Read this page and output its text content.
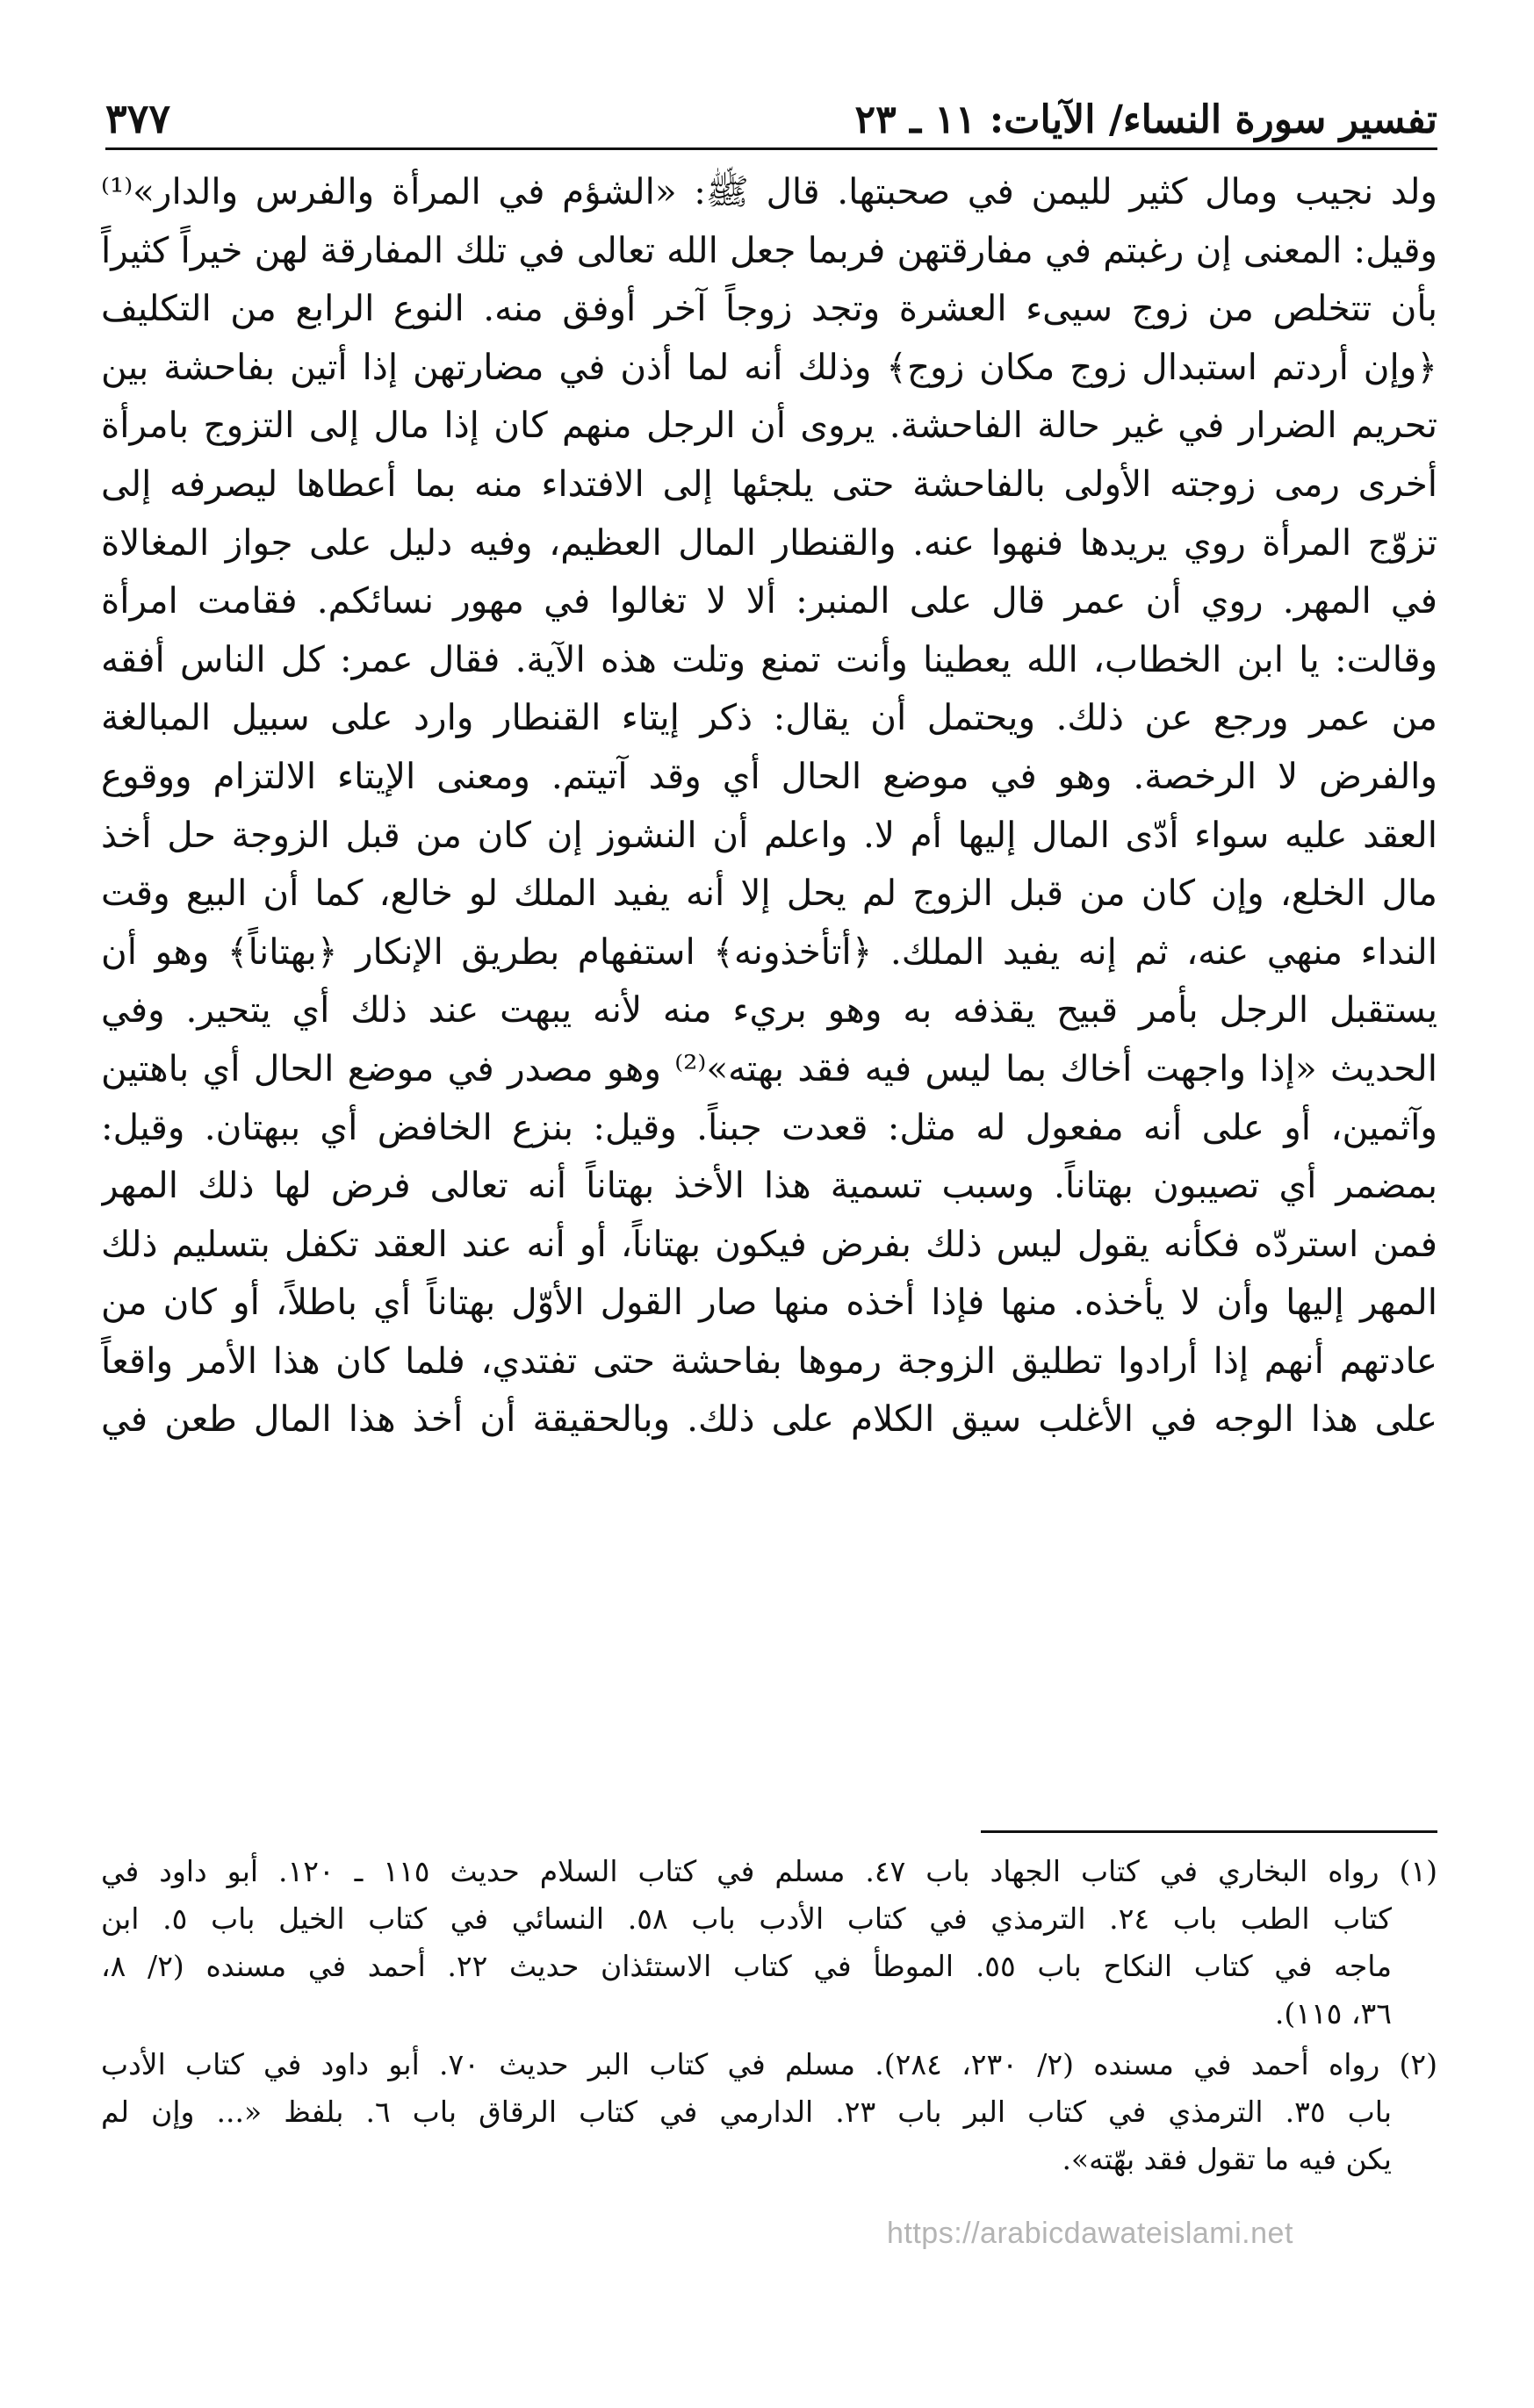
تفسير سورة النساء/ الآيات: ١١ ـ ٢٣
٣٧٧
ولد نجيب ومال كثير لليمن في صحبتها. قال ﷺ: «الشؤم في المرأة والفرس والدار»⁽¹⁾
وقيل: المعنى إن رغبتم في مفارقتهن فربما جعل الله تعالى في تلك المفارقة لهن خيراً كثيراً
بأن تتخلص من زوج سيىء العشرة وتجد زوجاً آخر أوفق منه. النوع الرابع من التكليف
﴿وإن أردتم استبدال زوج مكان زوج﴾ وذلك أنه لما أذن في مضارتهن إذا أتين بفاحشة بين
تحريم الضرار في غير حالة الفاحشة. يروى أن الرجل منهم كان إذا مال إلى التزوج بامرأة
أخرى رمى زوجته الأولى بالفاحشة حتى يلجئها إلى الافتداء منه بما أعطاها ليصرفه إلى
تزوّج المرأة روي يريدها فنهوا عنه. والقنطار المال العظيم، وفيه دليل على جواز المغالاة
في المهر. روي أن عمر قال على المنبر: ألا لا تغالوا في مهور نسائكم. فقامت امرأة
وقالت: يا ابن الخطاب، الله يعطينا وأنت تمنع وتلت هذه الآية. فقال عمر: كل الناس أفقه
من عمر ورجع عن ذلك. ويحتمل أن يقال: ذكر إيتاء القنطار وارد على سبيل المبالغة
والفرض لا الرخصة. وهو في موضع الحال أي وقد آتيتم. ومعنى الإيتاء الالتزام ووقوع
العقد عليه سواء أدّى المال إليها أم لا. واعلم أن النشوز إن كان من قبل الزوجة حل أخذ
مال الخلع، وإن كان من قبل الزوج لم يحل إلا أنه يفيد الملك لو خالع، كما أن البيع وقت
النداء منهي عنه، ثم إنه يفيد الملك. ﴿أتأخذونه﴾ استفهام بطريق الإنكار ﴿بهتاناً﴾ وهو أن
يستقبل الرجل بأمر قبيح يقذفه به وهو بريء منه لأنه يبهت عند ذلك أي يتحير. وفي
الحديث «إذا واجهت أخاك بما ليس فيه فقد بهته»⁽²⁾ وهو مصدر في موضع الحال أي باهتين
وآثمين، أو على أنه مفعول له مثل: قعدت جبناً. وقيل: بنزع الخافض أي ببهتان. وقيل:
بمضمر أي تصيبون بهتاناً. وسبب تسمية هذا الأخذ بهتاناً أنه تعالى فرض لها ذلك المهر
فمن استردّه فكأنه يقول ليس ذلك بفرض فيكون بهتاناً، أو أنه عند العقد تكفل بتسليم ذلك
المهر إليها وأن لا يأخذه. منها فإذا أخذه منها صار القول الأوّل بهتاناً أي باطلاً، أو كان من
عادتهم أنهم إذا أرادوا تطليق الزوجة رموها بفاحشة حتى تفتدي، فلما كان هذا الأمر واقعاً
على هذا الوجه في الأغلب سيق الكلام على ذلك. وبالحقيقة أن أخذ هذا المال طعن في
(١) رواه البخاري في كتاب الجهاد باب ٤٧. مسلم في كتاب السلام حديث ١١٥ ـ ١٢٠. أبو داود في
كتاب الطب باب ٢٤. الترمذي في كتاب الأدب باب ٥٨. النسائي في كتاب الخيل باب ٥. ابن
ماجه في كتاب النكاح باب ٥٥. الموطأ في كتاب الاستئذان حديث ٢٢. أحمد في مسنده (٢/ ٨،
٣٦، ١١٥).
(٢) رواه أحمد في مسنده (٢/ ٢٣٠، ٢٨٤). مسلم في كتاب البر حديث ٧٠. أبو داود في كتاب الأدب
باب ٣٥. الترمذي في كتاب البر باب ٢٣. الدارمي في كتاب الرقاق باب ٦. بلفظ «... وإن لم
يكن فيه ما تقول فقد بهّته».
https://arabicdawateislami.net
